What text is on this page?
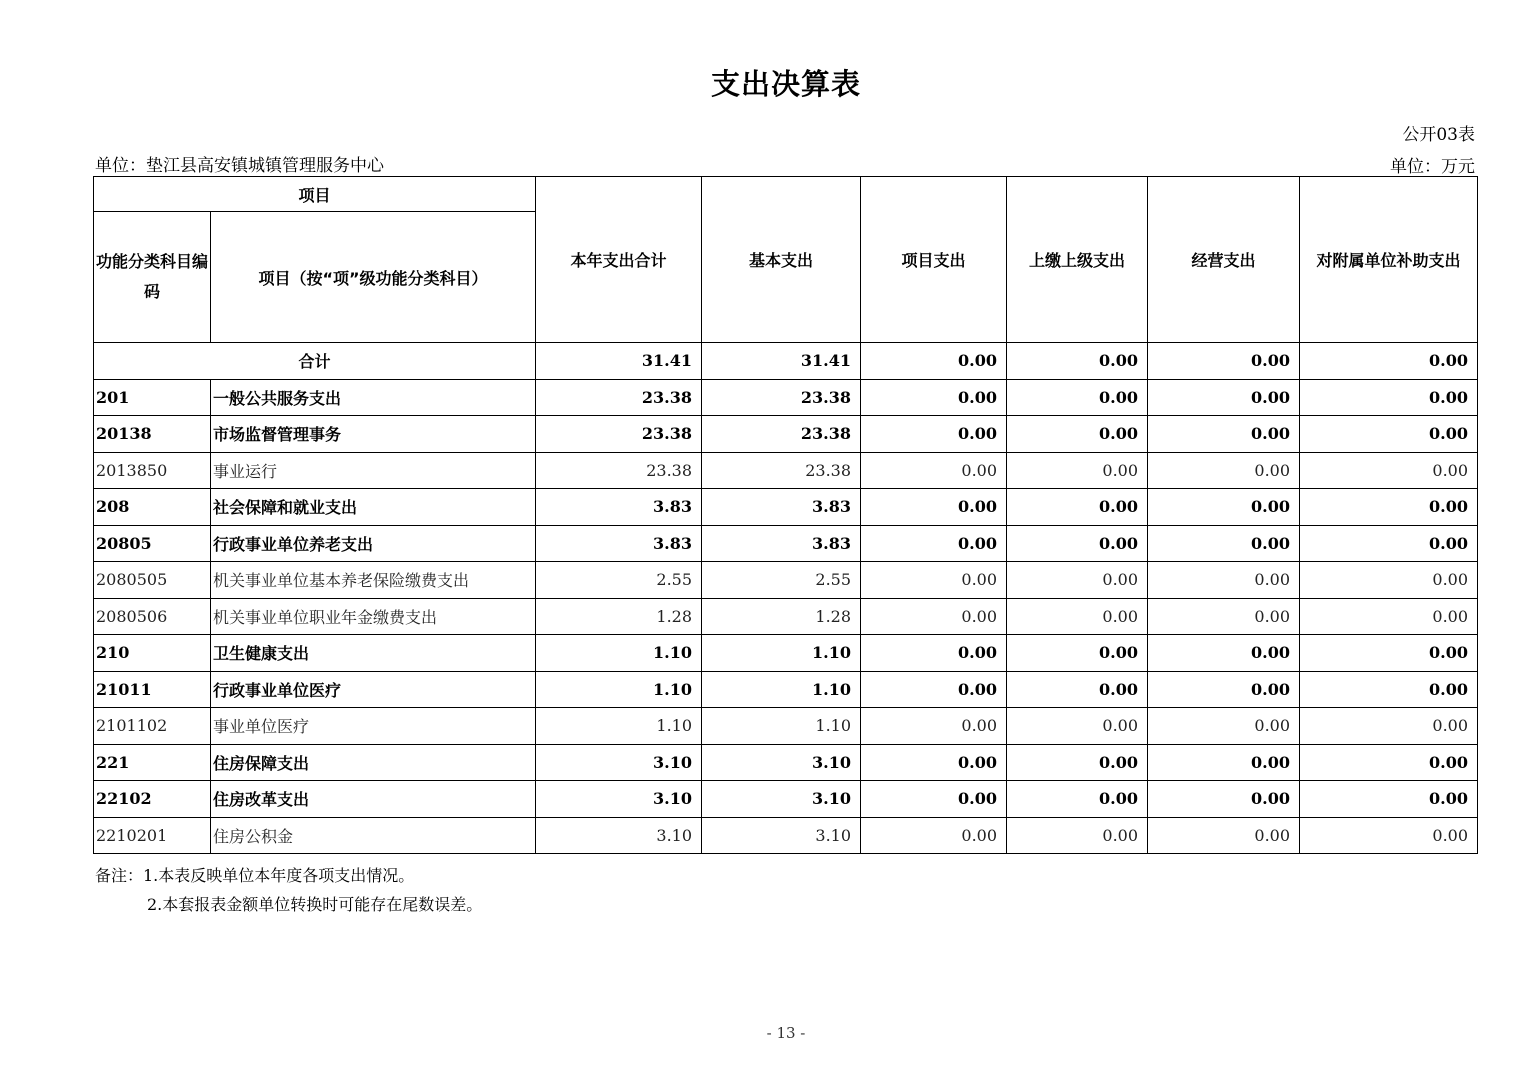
支出决算表
公开03表
单位：垫江县高安镇城镇管理服务中心	单位：万元
项目		本年支出合计	基本支出	项目支出	上缴上级支出	经营支出	对附属单位补助支出
功能分类科目编码	项目（按“项”级功能分类科目）						
合计		31.41	31.41	0.00	0.00	0.00	0.00
201	一般公共服务支出	23.38	23.38	0.00	0.00	0.00	0.00
20138	市场监督管理事务	23.38	23.38	0.00	0.00	0.00	0.00
2013850	事业运行	23.38	23.38	0.00	0.00	0.00	0.00
208	社会保障和就业支出	3.83	3.83	0.00	0.00	0.00	0.00
20805	行政事业单位养老支出	3.83	3.83	0.00	0.00	0.00	0.00
2080505	机关事业单位基本养老保险缴费支出	2.55	2.55	0.00	0.00	0.00	0.00
2080506	机关事业单位职业年金缴费支出	1.28	1.28	0.00	0.00	0.00	0.00
210	卫生健康支出	1.10	1.10	0.00	0.00	0.00	0.00
21011	行政事业单位医疗	1.10	1.10	0.00	0.00	0.00	0.00
2101102	事业单位医疗	1.10	1.10	0.00	0.00	0.00	0.00
221	住房保障支出	3.10	3.10	0.00	0.00	0.00	0.00
22102	住房改革支出	3.10	3.10	0.00	0.00	0.00	0.00
2210201	住房公积金	3.10	3.10	0.00	0.00	0.00	0.00
备注：1.本表反映单位本年度各项支出情况。
2.本套报表金额单位转换时可能存在尾数误差。
- 13 -
